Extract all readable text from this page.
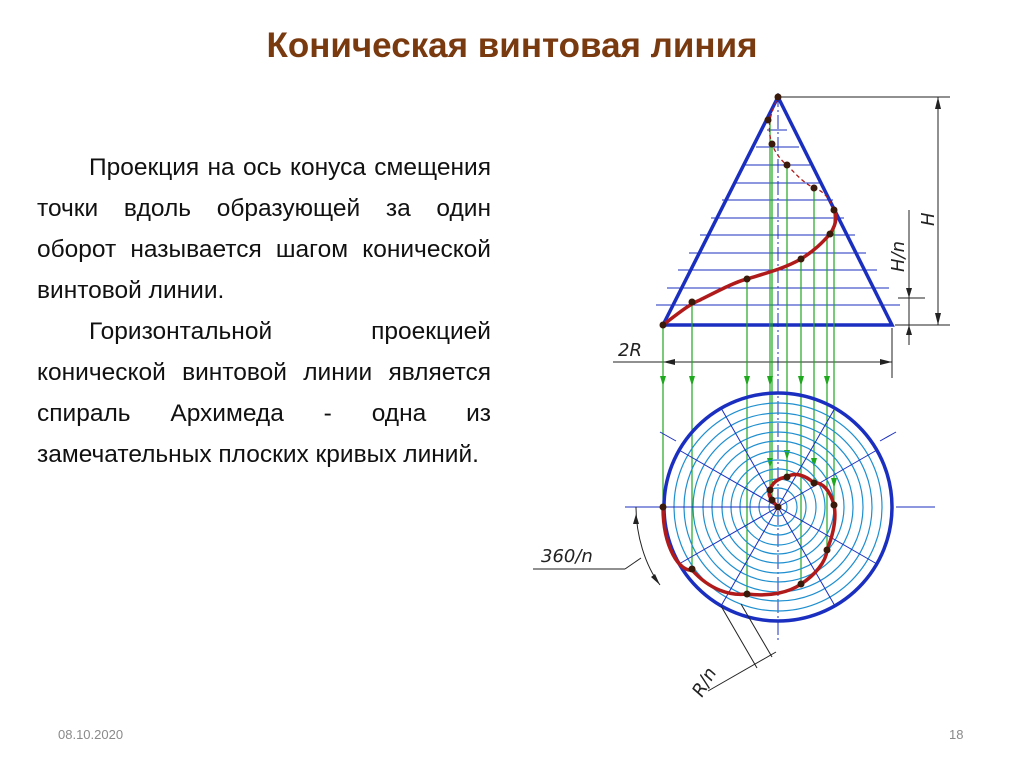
Коническая винтовая линия

Проекция на ось конуса смещения точки вдоль образующей за один оборот называется шагом конической винтовой линии.

Горизонтальной проекцией конической винтовой линии является спираль Архимеда - одна из замечательных плоских кривых линий.

H
H/n
2R
360/n
R/n
08.10.2020	18
